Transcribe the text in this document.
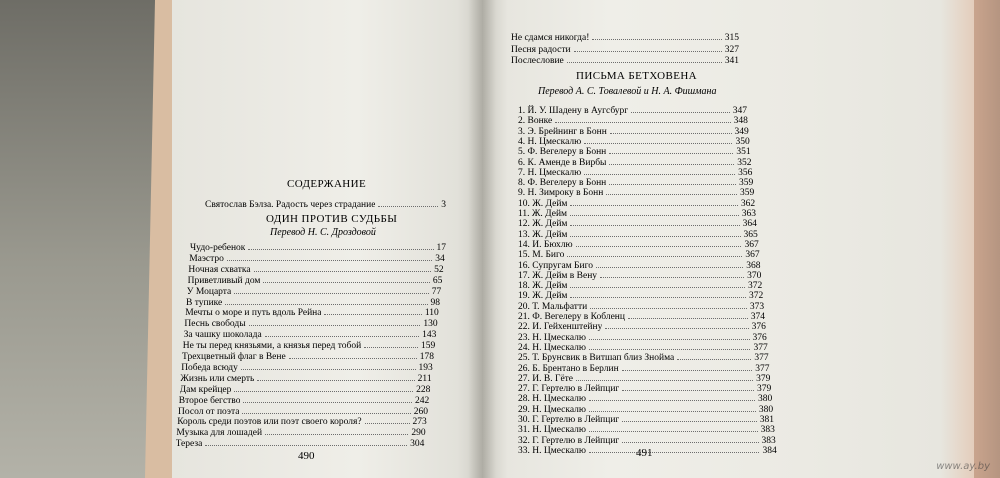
СОДЕРЖАНИЕ
Святослав Бэлза. Радость через страдание	3
ОДИН ПРОТИВ СУДЬБЫ
Перевод Н. С. Дроздовой
Чудо-ребенок	17
Маэстро	34
Ночная схватка	52
Приветливый дом	65
У Моцарта	77
В тупике	98
Мечты о море и путь вдоль Рейна	110
Песнь свободы	130
За чашку шоколада	143
Не ты перед князьями, а князья перед тобой	159
Трехцветный флаг в Вене	178
Победа всюду	193
Жизнь или смерть	211
Дам крейцер	228
Второе бегство	242
Посол от поэта	260
Король среди поэтов или поэт своего короля?	273
Музыка для лошадей	290
Тереза	304
490
Не сдамся никогда!	315
Песня радости	327
Послесловие	341
ПИСЬМА БЕТХОВЕНА
Перевод А. С. Товалевой и Н. А. Фишмана
1. Й. У. Шадену в Аугсбург	347
2. Вонке	348
3. Э. Брейнинг в Бонн	349
4. Н. Цмескалю	350
5. Ф. Вегелеру в Бонн	351
6. К. Аменде в Вирбы	352
7. Н. Цмескалю	356
8. Ф. Вегелеру в Бонн	359
9. Н. Зимроку в Бонн	359
10. Ж. Дейм	362
11. Ж. Дейм	363
12. Ж. Дейм	364
13. Ж. Дейм	365
14. И. Бюхлю	367
15. М. Биго	367
16. Супругам Биго	368
17. Ж. Дейм в Вену	370
18. Ж. Дейм	372
19. Ж. Дейм	372
20. Т. Мальфатти	373
21. Ф. Вегелеру в Кобленц	374
22. И. Гейхенштейну	376
23. Н. Цмескалю	376
24. Н. Цмескалю	377
25. Т. Брунсвик в Витшап близ Знойма	377
26. Б. Брентано в Берлин	377
27. И. В. Гёте	379
27. Г. Гертелю в Лейпциг	379
28. Н. Цмескалю	380
29. Н. Цмескалю	380
30. Г. Гертелю в Лейпциг	381
31. Н. Цмескалю	383
32. Г. Гертелю в Лейпциг	383
33. Н. Цмескалю	384
491
www.ay.by
